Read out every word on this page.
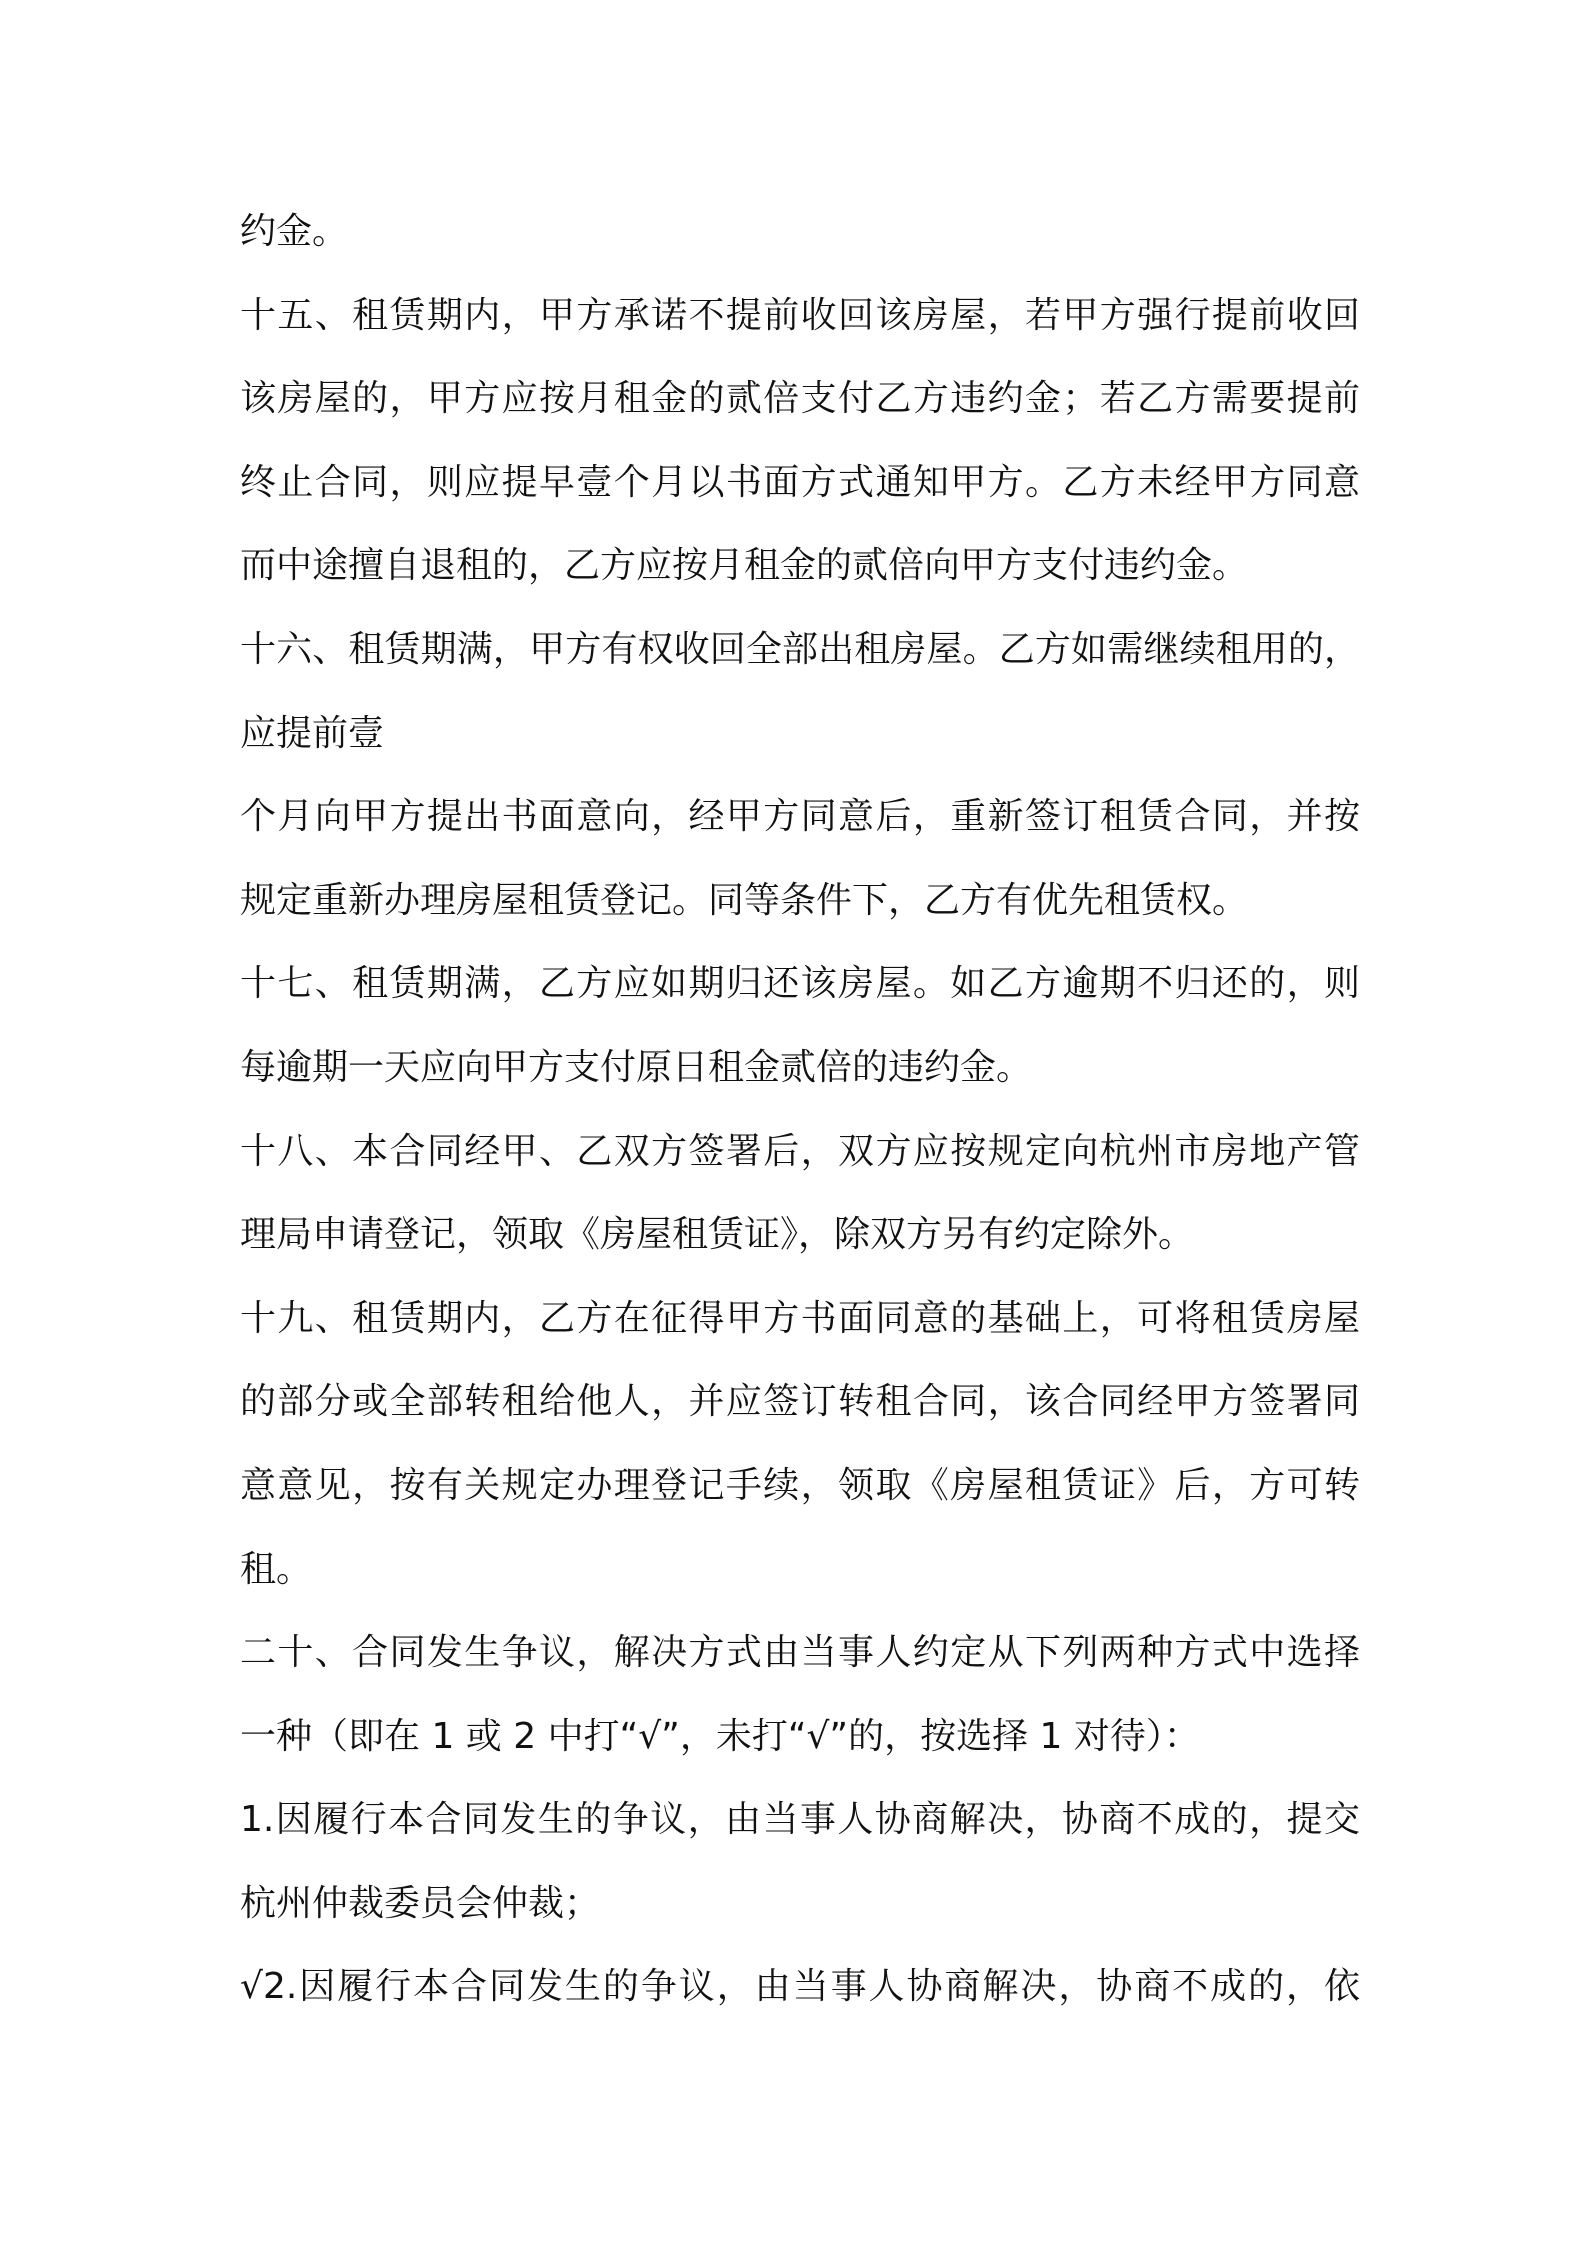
约金。
十五、租赁期内，甲方承诺不提前收回该房屋，若甲方强行提前收回
该房屋的，甲方应按月租金的贰倍支付乙方违约金；若乙方需要提前
终止合同，则应提早壹个月以书面方式通知甲方。乙方未经甲方同意
而中途擅自退租的，乙方应按月租金的贰倍向甲方支付违约金。
十六、租赁期满，甲方有权收回全部出租房屋。乙方如需继续租用的，
应提前壹
个月向甲方提出书面意向，经甲方同意后，重新签订租赁合同，并按
规定重新办理房屋租赁登记。同等条件下，乙方有优先租赁权。
十七、租赁期满，乙方应如期归还该房屋。如乙方逾期不归还的，则
每逾期一天应向甲方支付原日租金贰倍的违约金。
十八、本合同经甲、乙双方签署后，双方应按规定向杭州市房地产管
理局申请登记，领取《房屋租赁证》，除双方另有约定除外。
十九、租赁期内，乙方在征得甲方书面同意的基础上，可将租赁房屋
的部分或全部转租给他人，并应签订转租合同，该合同经甲方签署同
意意见，按有关规定办理登记手续，领取《房屋租赁证》后，方可转
租。
二十、合同发生争议，解决方式由当事人约定从下列两种方式中选择
一种（即在 1 或 2 中打“√”，未打“√”的，按选择 1 对待）：
1.因履行本合同发生的争议，由当事人协商解决，协商不成的，提交
杭州仲裁委员会仲裁；
√2.因履行本合同发生的争议，由当事人协商解决，协商不成的，依
